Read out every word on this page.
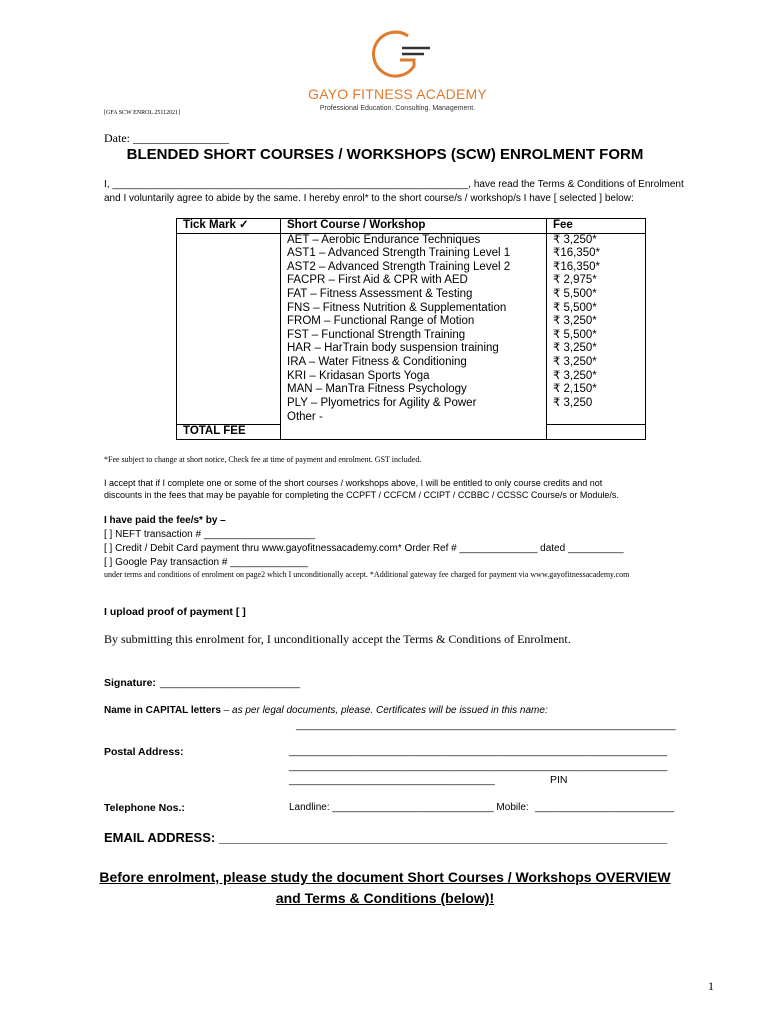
GAYO FITNESS ACADEMY
Professional Education. Consulting. Management.
[GFA SCW ENROL 25112021]
Date: ________________
BLENDED SHORT COURSES / WORKSHOPS (SCW) ENROLMENT FORM
I, ________________________________________________________________, have read the Terms & Conditions of Enrolment
and I voluntarily agree to abide by the same. I hereby enrol* to the short course/s / workshop/s I have [ selected ] below:
Tick Mark ✓	Short Course / Workshop	Fee
	AET – Aerobic Endurance Techniques	₹ 3,250*
	AST1 – Advanced Strength Training Level 1	₹16,350*
	AST2 – Advanced Strength Training Level 2	₹16,350*
	FACPR – First Aid & CPR with AED	₹ 2,975*
	FAT – Fitness Assessment & Testing	₹ 5,500*
	FNS – Fitness Nutrition & Supplementation	₹ 5,500*
	FROM – Functional Range of Motion	₹ 3,250*
	FST – Functional Strength Training	₹ 5,500*
	HAR – HarTrain body suspension training	₹ 3,250*
	IRA – Water Fitness & Conditioning	₹ 3,250*
	KRI – Kridasan Sports Yoga	₹ 3,250*
	MAN – ManTra Fitness Psychology	₹ 2,150*
	PLY – Plyometrics for Agility & Power	₹ 3,250
	Other -	
TOTAL FEE		
*Fee subject to change at short notice, Check fee at time of payment and enrolment. GST included.
I accept that if I complete one or some of the short courses / workshops above, I will be entitled to only course credits and not
discounts in the fees that may be payable for completing the CCPFT / CCFCM / CCIPT / CCBBC / CCSSC Course/s or Module/s.
I have paid the fee/s* by –
[ ] NEFT transaction # ____________________
[ ] Credit / Debit Card payment thru www.gayofitnessacademy.com* Order Ref # ______________ dated __________
[ ] Google Pay transaction # ______________
under terms and conditions of enrolment on page2 which I unconditionally accept. *Additional gateway fee charged for payment via www.gayofitnessacademy.com
I upload proof of payment [ ]
By submitting this enrolment for, I unconditionally accept the Terms & Conditions of Enrolment.
Signature: ________________________
Name in CAPITAL letters – as per legal documents, please. Certificates will be issued in this name:
_________________________________________________________________
Postal Address:	____________________________________________________________________
____________________________________________________________________
_____________________________________	PIN
Telephone Nos.:	Landline: _____________________________ Mobile: _________________________
EMAIL ADDRESS: ______________________________________________________________
Before enrolment, please study the document Short Courses / Workshops OVERVIEW
and Terms & Conditions (below)!
1
